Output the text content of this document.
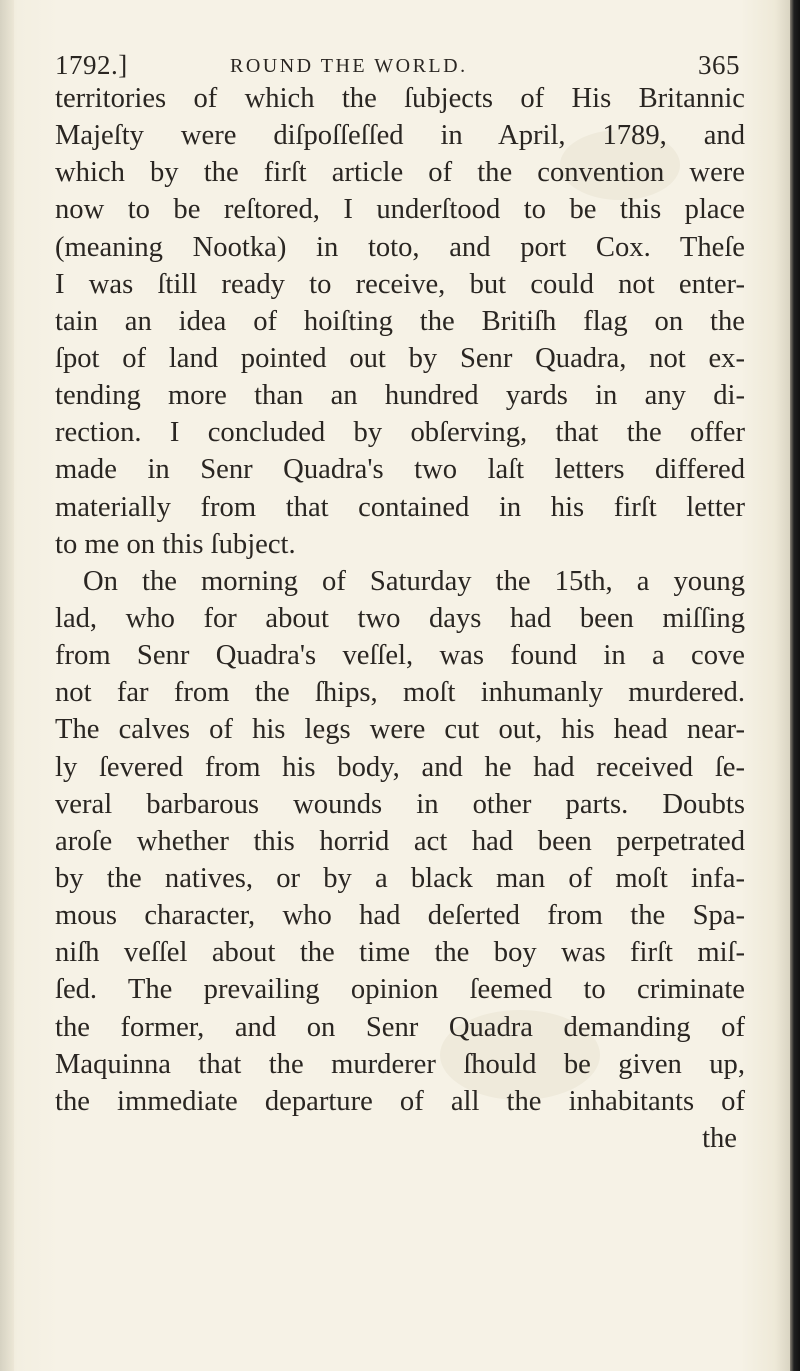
1792.]	ROUND THE WORLD.	365
territories of which the ſubjects of His Britannic
Majeſty were diſpoſſeſſed in April, 1789, and
which by the firſt article of the convention were
now to be reſtored, I underſtood to be this place
(meaning Nootka) in toto, and port Cox. Theſe
I was ſtill ready to receive, but could not enter-
tain an idea of hoiſting the Britiſh flag on the
ſpot of land pointed out by Senr Quadra, not ex-
tending more than an hundred yards in any di-
rection. I concluded by obſerving, that the offer
made in Senr Quadra's two laſt letters differed
materially from that contained in his firſt letter
to me on this ſubject.
On the morning of Saturday the 15th, a young
lad, who for about two days had been miſſing
from Senr Quadra's veſſel, was found in a cove
not far from the ſhips, moſt inhumanly murdered.
The calves of his legs were cut out, his head near-
ly ſevered from his body, and he had received ſe-
veral barbarous wounds in other parts. Doubts
aroſe whether this horrid act had been perpetrated
by the natives, or by a black man of moſt infa-
mous character, who had deſerted from the Spa-
niſh veſſel about the time the boy was firſt miſ-
ſed. The prevailing opinion ſeemed to criminate
the former, and on Senr Quadra demanding of
Maquinna that the murderer ſhould be given up,
the immediate departure of all the inhabitants of
the
